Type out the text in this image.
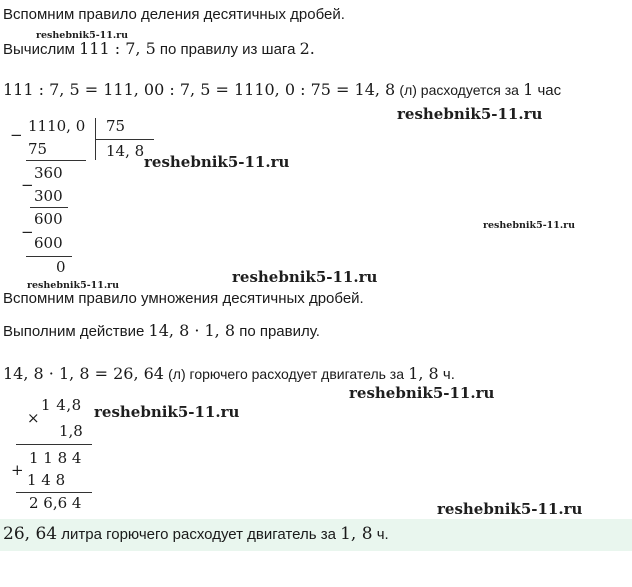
Вспомним правило деления десятичных дробей.
reshebnik5-11.ru
Вычислим 111 : 7, 5 по правилу из шага 2.
111 : 7, 5 = 111, 00 : 7, 5 = 1110, 0 : 75 = 14, 8 (л) расходуется за 1 час
reshebnik5-11.ru
− 1110, 0 75
75	14, 8
reshebnik5-11.ru
360
−
300
600
−
600
0
reshebnik5-11.ru
reshebnik5-11.ru
reshebnik5-11.ru
Вспомним правило умножения десятичных дробей.
Выполним действие 14, 8 · 1, 8 по правилу.
14, 8 · 1, 8 = 26, 64 (л) горючего расходует двигатель за 1, 8 ч.
reshebnik5-11.ru
×
1 4,8 reshebnik5-11.ru
1,8
+
1 1 8 4
1 4 8
2 6,6 4	reshebnik5-11.ru
26, 64 литра горючего расходует двигатель за 1, 8 ч.
